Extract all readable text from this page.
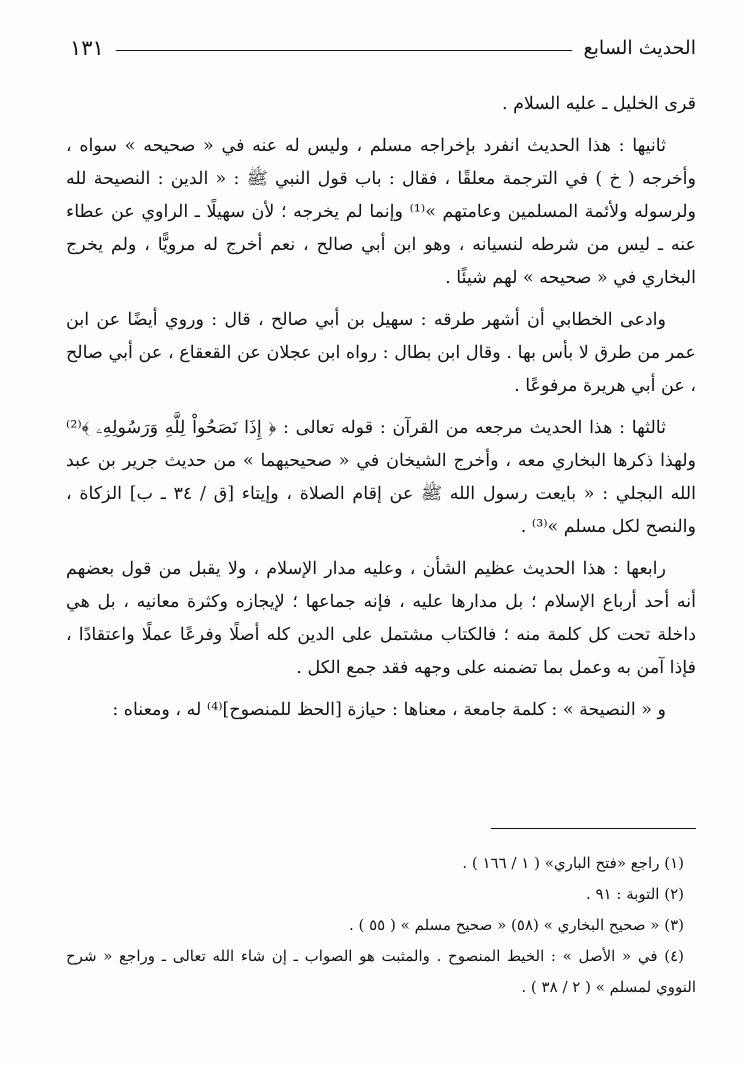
الحديث السابع
١٣١

قرى الخليل ـ عليه السلام .

ثانيها : هذا الحديث انفرد بإخراجه مسلم ، وليس له عنه في « صحيحه » سواه ، وأخرجه ( خ ) في الترجمة معلقًا ، فقال : باب قول النبي ﷺ : « الدين : النصيحة لله ولرسوله ولأئمة المسلمين وعامتهم »⁽¹⁾ وإنما لم يخرجه ؛ لأن سهيلًا ـ الراوي عن عطاء عنه ـ ليس من شرطه لنسيانه ، وهو ابن أبي صالح ، نعم أخرج له مرويًّا ، ولم يخرج البخاري في « صحيحه » لهم شيئًا .

وادعى الخطابي أن أشهر طرقه : سهيل بن أبي صالح ، قال : وروي أيضًا عن ابن عمر من طرق لا بأس بها . وقال ابن بطال : رواه ابن عجلان عن القعقاع ، عن أبي صالح ، عن أبي هريرة مرفوعًا .

ثالثها : هذا الحديث مرجعه من القرآن : قوله تعالى : ﴿ إِذَا نَصَحُواْ لِلَّهِ وَرَسُولِهِۦ ﴾⁽²⁾ ولهذا ذكرها البخاري معه ، وأخرج الشيخان في « صحيحيهما » من حديث جرير بن عبد الله البجلي : « بايعت رسول الله ﷺ عن إقام الصلاة ، وإيتاء [ق / ٣٤ ـ ب] الزكاة ، والنصح لكل مسلم »⁽³⁾ .

رابعها : هذا الحديث عظيم الشأن ، وعليه مدار الإسلام ، ولا يقبل من قول بعضهم أنه أحد أرباع الإسلام ؛ بل مدارها عليه ، فإنه جماعها ؛ لإيجازه وكثرة معانيه ، بل هي داخلة تحت كل كلمة منه ؛ فالكتاب مشتمل على الدين كله أصلًا وفرعًا عملًا واعتقادًا ، فإذا آمن به وعمل بما تضمنه على وجهه فقد جمع الكل .

و « النصيحة » : كلمة جامعة ، معناها : حيازة [الحظ للمنصوح]⁽⁴⁾ له ، ومعناه :

(١) راجع «فتح الباري» ( ١ / ١٦٦ ) .

(٢) التوبة : ٩١ .

(٣) « صحيح البخاري » (٥٨) « صحيح مسلم » ( ٥٥ ) .

(٤) في « الأصل » : الخيط المنصوح . والمثبت هو الصواب ـ إن شاء الله تعالى ـ وراجع « شرح النووي لمسلم » ( ٢ / ٣٨ ) .
